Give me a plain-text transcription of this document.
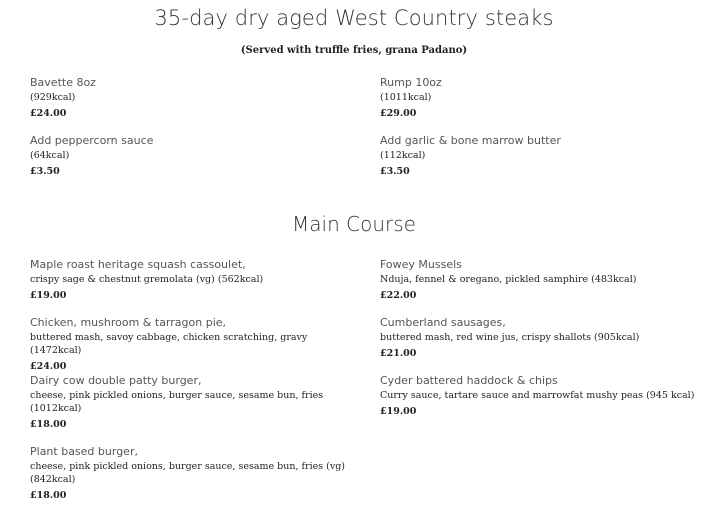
35-day dry aged West Country steaks
(Served with truffle fries, grana Padano)
Bavette 8oz
(929kcal)
£24.00
Rump 10oz
(1011kcal)
£29.00
Add peppercorn sauce
(64kcal)
£3.50
Add garlic & bone marrow butter
(112kcal)
£3.50
Main Course
Maple roast heritage squash cassoulet,
crispy sage & chestnut gremolata (vg) (562kcal)
£19.00
Fowey Mussels
Nduja, fennel & oregano, pickled samphire (483kcal)
£22.00
Chicken, mushroom & tarragon pie,
buttered mash, savoy cabbage, chicken scratching, gravy (1472kcal)
£24.00
Cumberland sausages,
buttered mash, red wine jus, crispy shallots (905kcal)
£21.00
Dairy cow double patty burger,
cheese, pink pickled onions, burger sauce, sesame bun, fries (1012kcal)
£18.00
Cyder battered haddock & chips
Curry sauce, tartare sauce and marrowfat mushy peas (945 kcal)
£19.00
Plant based burger,
cheese, pink pickled onions, burger sauce, sesame bun, fries (vg) (842kcal)
£18.00
